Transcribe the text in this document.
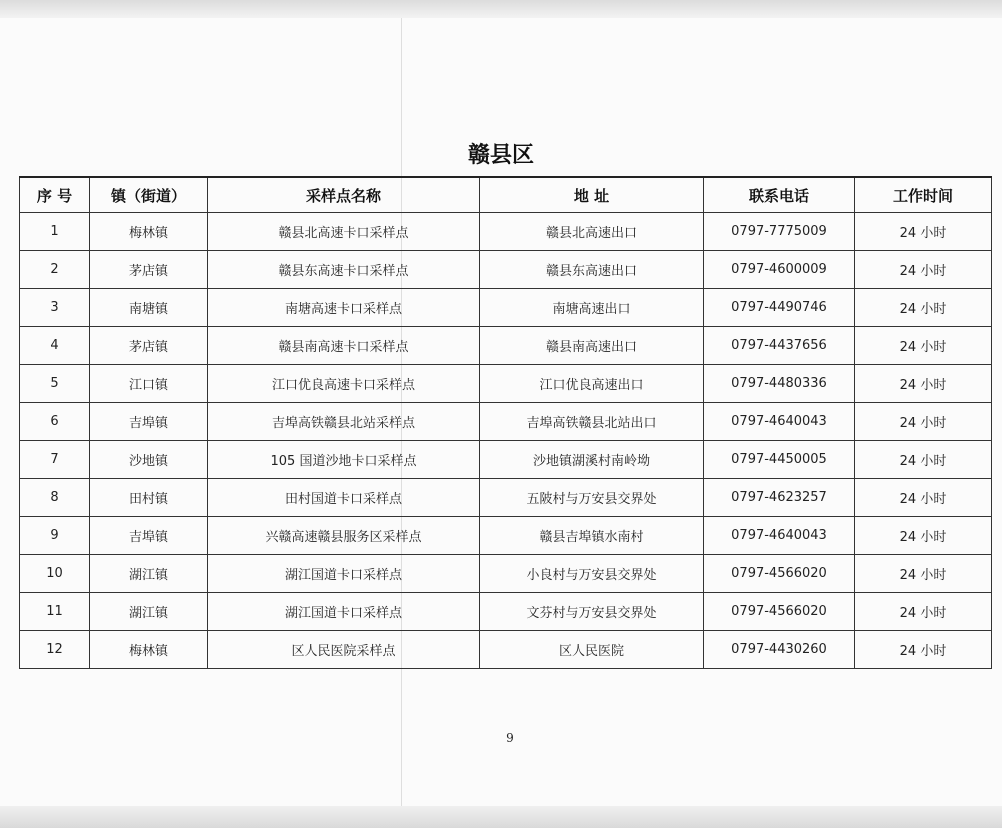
赣县区
序 号	镇（街道）	采样点名称	地 址	联系电话	工作时间
1	梅林镇	赣县北高速卡口采样点	赣县北高速出口	0797-7775009	24 小时
2	茅店镇	赣县东高速卡口采样点	赣县东高速出口	0797-4600009	24 小时
3	南塘镇	南塘高速卡口采样点	南塘高速出口	0797-4490746	24 小时
4	茅店镇	赣县南高速卡口采样点	赣县南高速出口	0797-4437656	24 小时
5	江口镇	江口优良高速卡口采样点	江口优良高速出口	0797-4480336	24 小时
6	吉埠镇	吉埠高铁赣县北站采样点	吉埠高铁赣县北站出口	0797-4640043	24 小时
7	沙地镇	105 国道沙地卡口采样点	沙地镇湖溪村南岭坳	0797-4450005	24 小时
8	田村镇	田村国道卡口采样点	五陂村与万安县交界处	0797-4623257	24 小时
9	吉埠镇	兴赣高速赣县服务区采样点	赣县吉埠镇水南村	0797-4640043	24 小时
10	湖江镇	湖江国道卡口采样点	小良村与万安县交界处	0797-4566020	24 小时
11	湖江镇	湖江国道卡口采样点	文芬村与万安县交界处	0797-4566020	24 小时
12	梅林镇	区人民医院采样点	区人民医院	0797-4430260	24 小时
9
